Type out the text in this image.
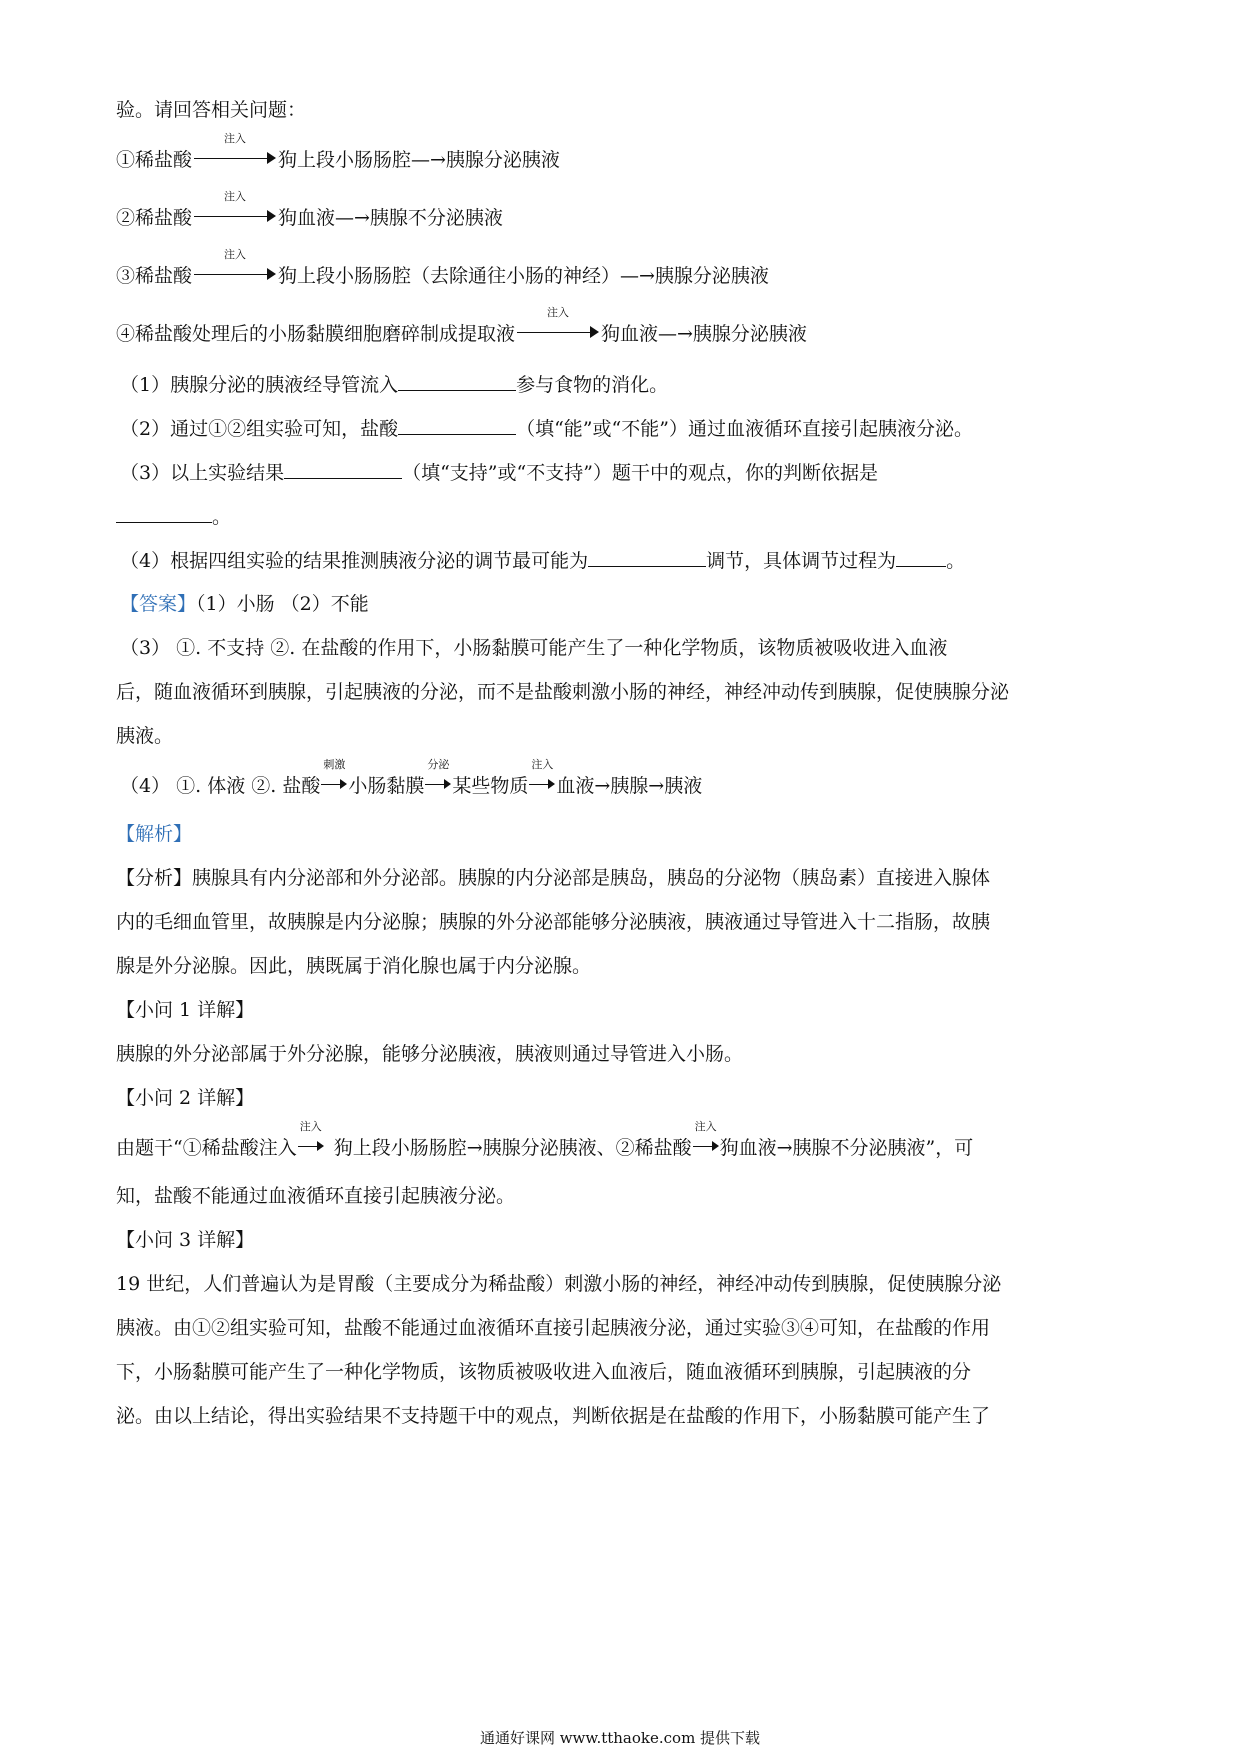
验。请回答相关问题：
①稀盐酸
注入
狗上段小肠肠腔—→胰腺分泌胰液
②稀盐酸
注入
狗血液—→胰腺不分泌胰液
③稀盐酸
注入
狗上段小肠肠腔（去除通往小肠的神经）—→胰腺分泌胰液
④稀盐酸处理后的小肠黏膜细胞磨碎制成提取液
注入
狗血液—→胰腺分泌胰液
（1）胰腺分泌的胰液经导管流入	参与食物的消化。
（2）通过①②组实验可知，盐酸	（填“能”或“不能”）通过血液循环直接引起胰液分泌。
（3）以上实验结果	（填“支持”或“不支持”）题干中的观点，你的判断依据是
。
（4）根据四组实验的结果推测胰液分泌的调节最可能为	调节，具体调节过程为	。
【答案】（1）小肠 （2）不能
（3） ①. 不支持 ②. 在盐酸的作用下，小肠黏膜可能产生了一种化学物质，该物质被吸收进入血液
后，随血液循环到胰腺，引起胰液的分泌，而不是盐酸刺激小肠的神经，神经冲动传到胰腺，促使胰腺分泌
胰液。
（4） ①. 体液 ②. 盐酸
刺激
小肠黏膜
分泌
某些物质
注入
血液→胰腺→胰液
【解析】
【分析】胰腺具有内分泌部和外分泌部。胰腺的内分泌部是胰岛，胰岛的分泌物（胰岛素）直接进入腺体
内的毛细血管里，故胰腺是内分泌腺；胰腺的外分泌部能够分泌胰液，胰液通过导管进入十二指肠，故胰
腺是外分泌腺。因此，胰既属于消化腺也属于内分泌腺。
【小问 1 详解】
胰腺的外分泌部属于外分泌腺，能够分泌胰液，胰液则通过导管进入小肠。
【小问 2 详解】
由题干“①稀盐酸注入
注入
狗上段小肠肠腔→胰腺分泌胰液、②稀盐酸
注入
狗血液→胰腺不分泌胰液”，可
知，盐酸不能通过血液循环直接引起胰液分泌。
【小问 3 详解】
19 世纪，人们普遍认为是胃酸（主要成分为稀盐酸）刺激小肠的神经，神经冲动传到胰腺，促使胰腺分泌
胰液。由①②组实验可知，盐酸不能通过血液循环直接引起胰液分泌，通过实验③④可知，在盐酸的作用
下，小肠黏膜可能产生了一种化学物质，该物质被吸收进入血液后，随血液循环到胰腺，引起胰液的分
泌。由以上结论，得出实验结果不支持题干中的观点，判断依据是在盐酸的作用下，小肠黏膜可能产生了
通通好课网 www.tthaoke.com 提供下载
